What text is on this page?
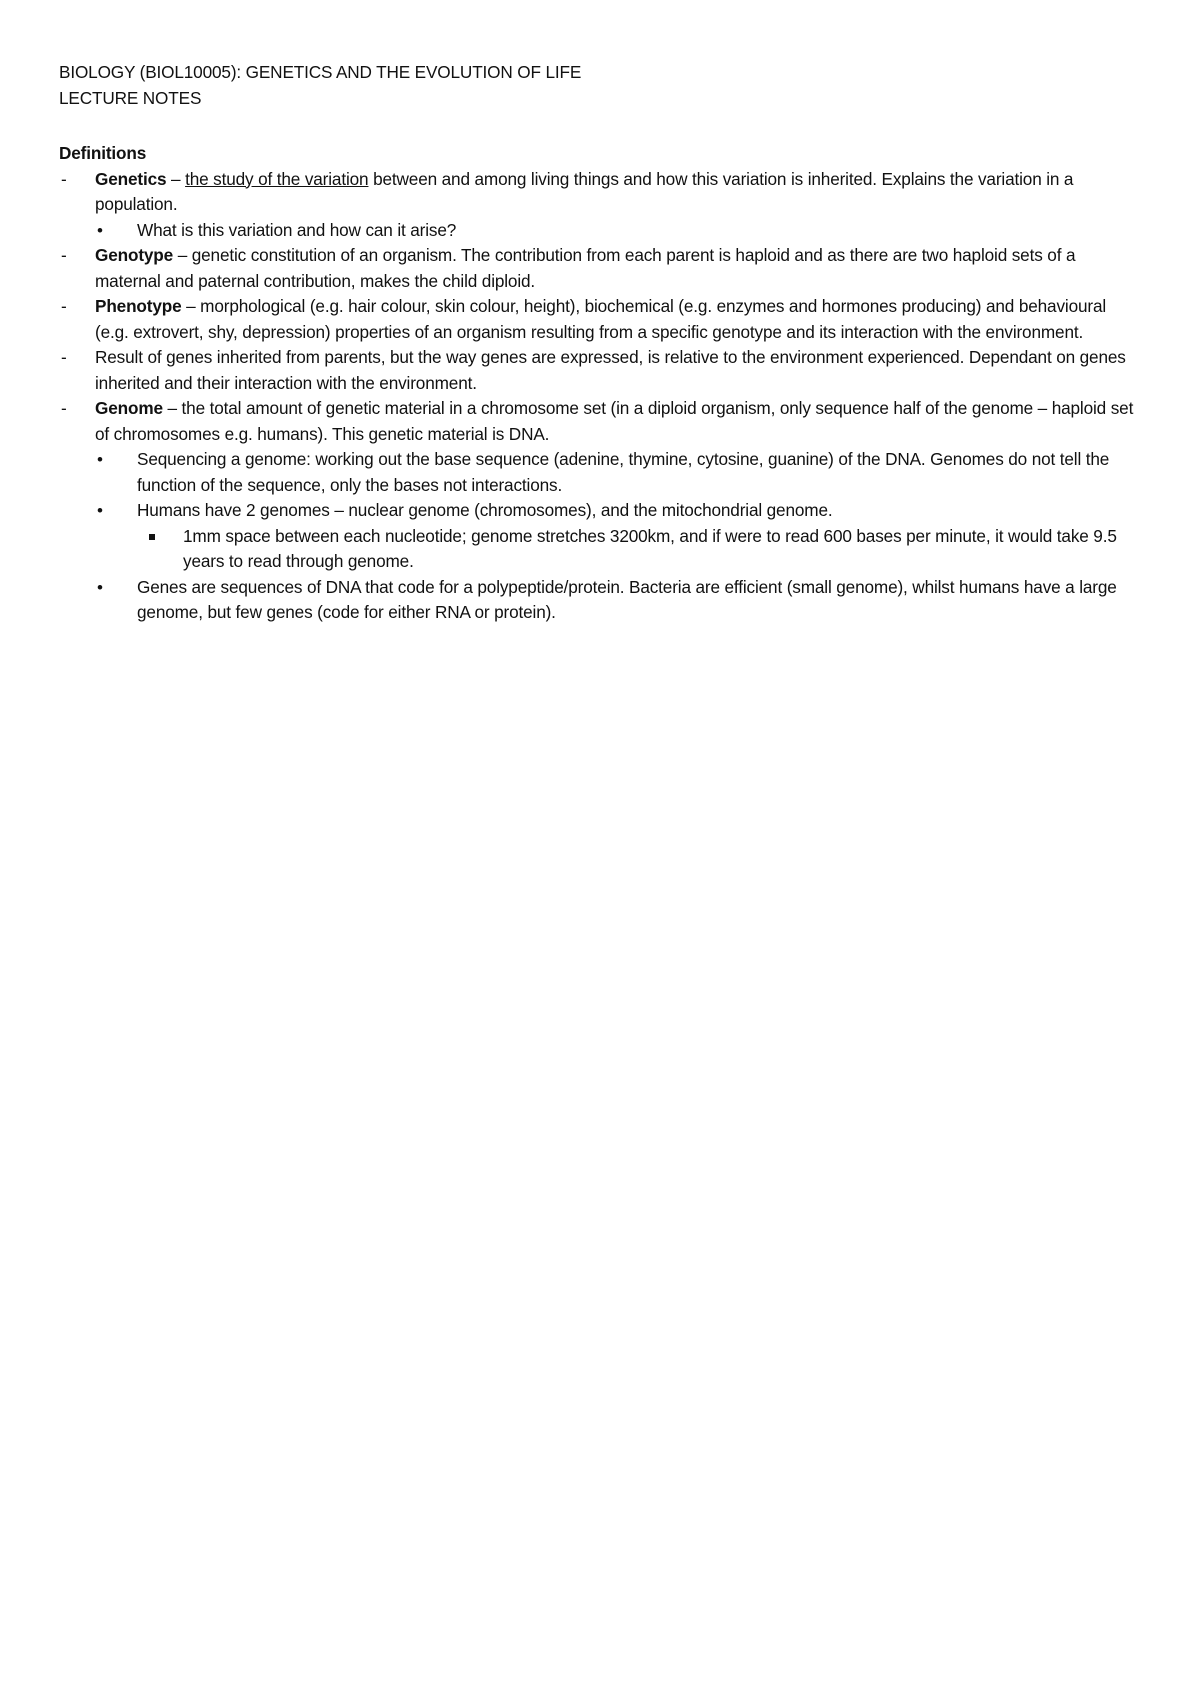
BIOLOGY (BIOL10005): GENETICS AND THE EVOLUTION OF LIFE

LECTURE NOTES

Definitions

- Genetics – the study of the variation between and among living things and how this variation is inherited. Explains the variation in a population.

• What is this variation and how can it arise?

- Genotype – genetic constitution of an organism. The contribution from each parent is haploid and as there are two haploid sets of a maternal and paternal contribution, makes the child diploid.

- Phenotype – morphological (e.g. hair colour, skin colour, height), biochemical (e.g. enzymes and hormones producing) and behavioural (e.g. extrovert, shy, depression) properties of an organism resulting from a specific genotype and its interaction with the environment.

- Result of genes inherited from parents, but the way genes are expressed, is relative to the environment experienced. Dependant on genes inherited and their interaction with the environment.

- Genome – the total amount of genetic material in a chromosome set (in a diploid organism, only sequence half of the genome – haploid set of chromosomes e.g. humans). This genetic material is DNA.

• Sequencing a genome: working out the base sequence (adenine, thymine, cytosine, guanine) of the DNA. Genomes do not tell the function of the sequence, only the bases not interactions.

• Humans have 2 genomes – nuclear genome (chromosomes), and the mitochondrial genome.

1mm space between each nucleotide; genome stretches 3200km, and if were to read 600 bases per minute, it would take 9.5 years to read through genome.

• Genes are sequences of DNA that code for a polypeptide/protein. Bacteria are efficient (small genome), whilst humans have a large genome, but few genes (code for either RNA or protein).
